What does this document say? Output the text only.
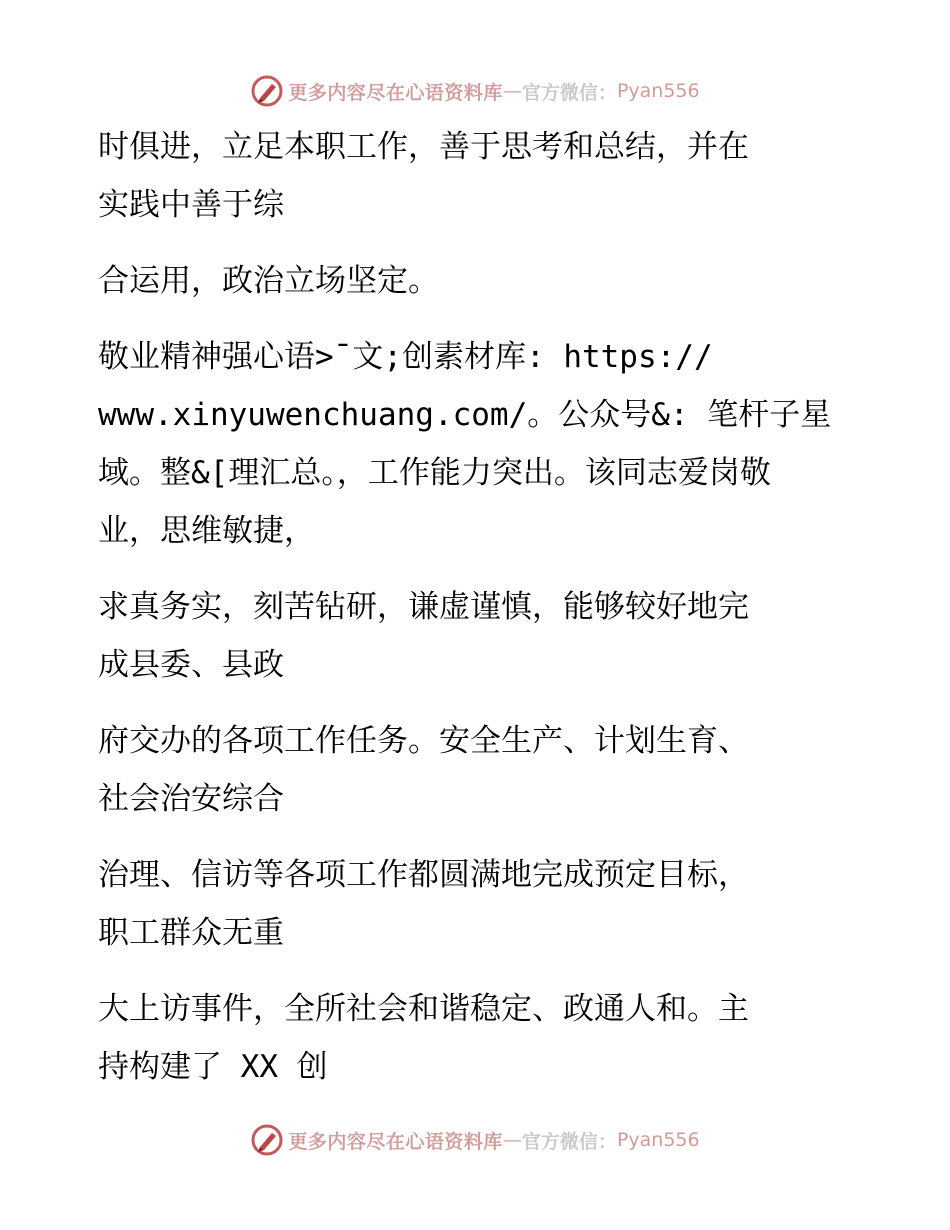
更多内容尽在心语资料库 — 官方微信： Pyan556
时俱进，立足本职工作，善于思考和总结，并在
实践中善于综
合运用，政治立场坚定。
敬业精神强心语>¯文;创素材库: https://
www.xinyuwenchuang.com/。公众号&: 笔杆子星
域。整&[理汇总。，工作能力突出。该同志爱岗敬
业，思维敏捷，
求真务实，刻苦钻研，谦虚谨慎，能够较好地完
成县委、县政
府交办的各项工作任务。安全生产、计划生育、
社会治安综合
治理、信访等各项工作都圆满地完成预定目标，
职工群众无重
大上访事件，全所社会和谐稳定、政通人和。主
持构建了 XX 创
更多内容尽在心语资料库 — 官方微信： Pyan556
